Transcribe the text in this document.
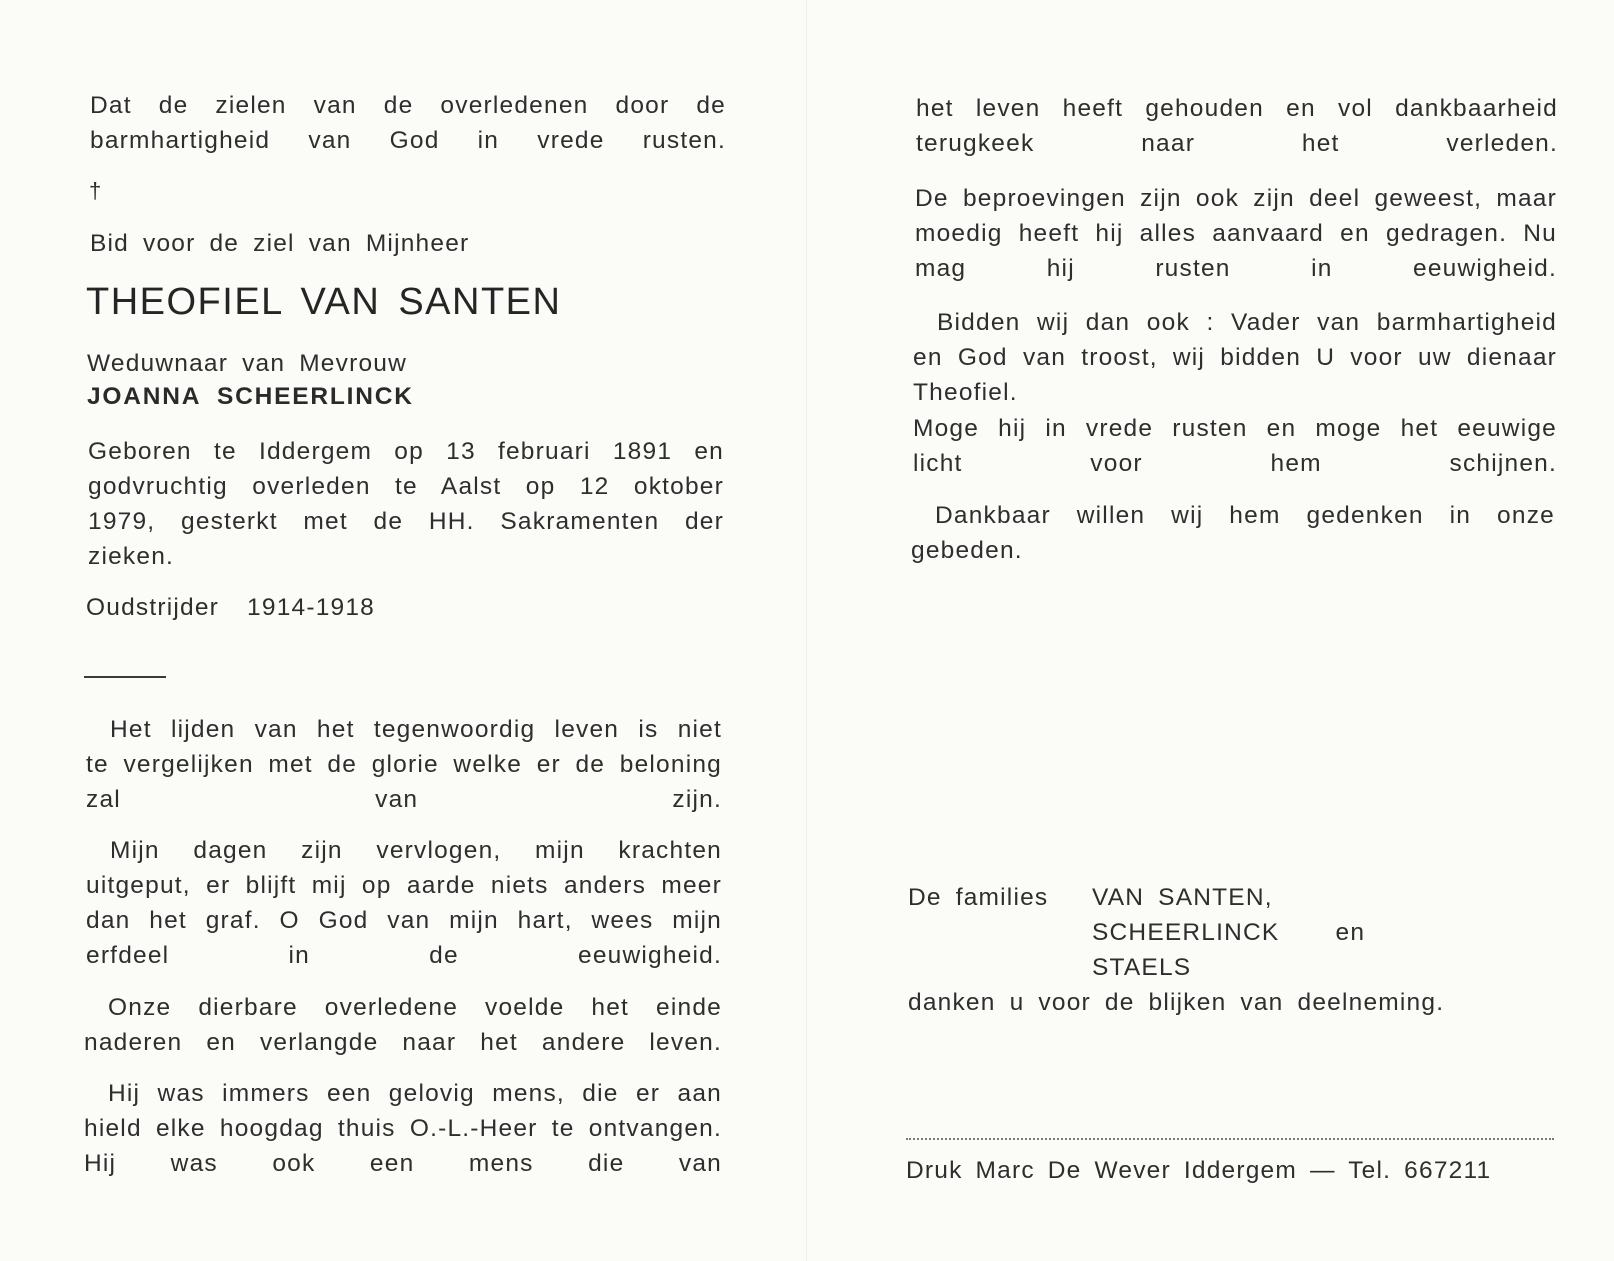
Dat de zielen van de overledenen door de barmhartigheid van God in vrede rusten.
†
Bid voor de ziel van Mijnheer
THEOFIEL VAN SANTEN
Weduwnaar van Mevrouw
JOANNA SCHEERLINCK
Geboren te Iddergem op 13 februari 1891 en godvruchtig overleden te Aalst op 12 oktober 1979, gesterkt met de HH. Sakramenten der zieken.
Oudstrijder 1914-1918
Het lijden van het tegenwoordig leven is niet te vergelijken met de glorie welke er de beloning zal van zijn.
Mijn dagen zijn vervlogen, mijn krachten uitgeput, er blijft mij op aarde niets anders meer dan het graf. O God van mijn hart, wees mijn erfdeel in de eeuwigheid.
Onze dierbare overledene voelde het einde naderen en verlangde naar het andere leven.
Hij was immers een gelovig mens, die er aan hield elke hoogdag thuis O.-L.-Heer te ontvangen. Hij was ook een mens die van
het leven heeft gehouden en vol dankbaarheid terugkeek naar het verleden.
De beproevingen zijn ook zijn deel geweest, maar moedig heeft hij alles aanvaard en gedragen. Nu mag hij rusten in eeuwigheid.
Bidden wij dan ook : Vader van barmhartigheid en God van troost, wij bidden U voor uw dienaar Theofiel.
Moge hij in vrede rusten en moge het eeuwige licht voor hem schijnen.
Dankbaar willen wij hem gedenken in onze gebeden.
De families VAN SANTEN,
SCHEERLINCK en
STAELS
danken u voor de blijken van deelneming.
Druk Marc De Wever Iddergem — Tel. 667211
